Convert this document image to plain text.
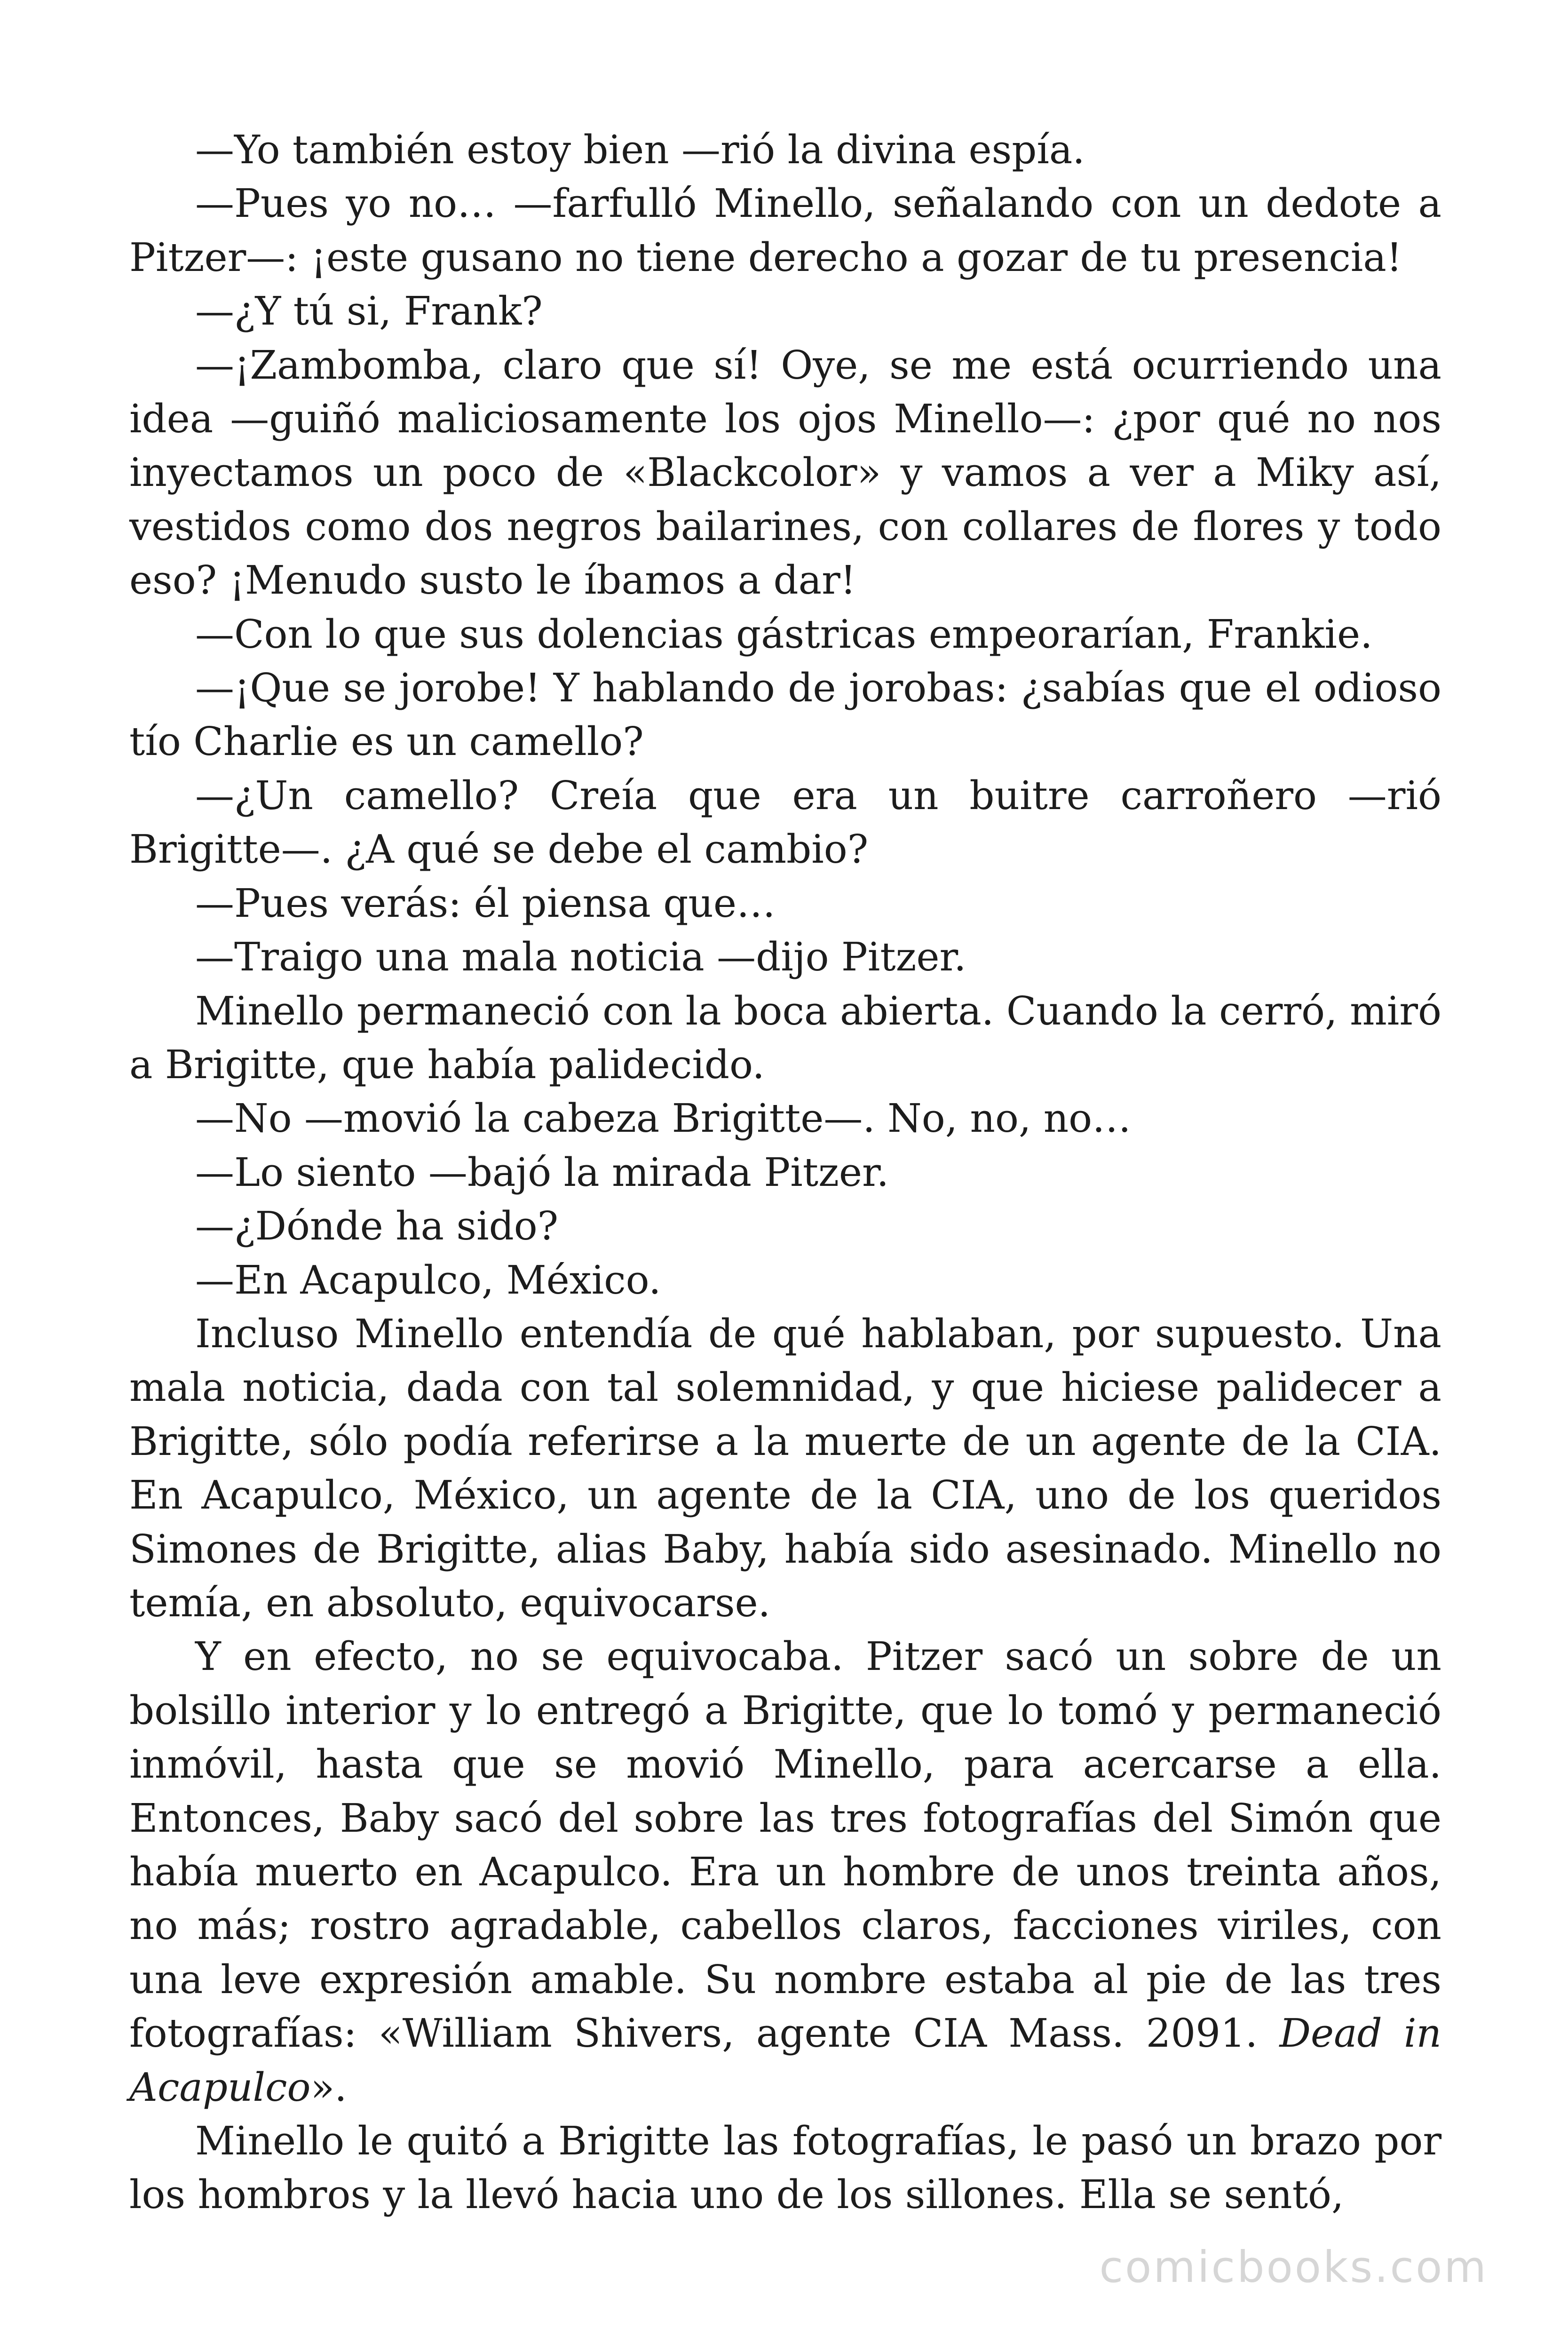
—Yo también estoy bien —rió la divina espía.

—Pues yo no… —farfulló Minello, señalando con un dedote a Pitzer—: ¡este gusano no tiene derecho a gozar de tu presencia!

—¿Y tú si, Frank?

—¡Zambomba, claro que sí! Oye, se me está ocurriendo una idea —guiñó maliciosamente los ojos Minello—: ¿por qué no nos inyectamos un poco de «Blackcolor» y vamos a ver a Miky así, vestidos como dos negros bailarines, con collares de flores y todo eso? ¡Menudo susto le íbamos a dar!

—Con lo que sus dolencias gástricas empeorarían, Frankie.

—¡Que se jorobe! Y hablando de jorobas: ¿sabías que el odioso tío Charlie es un camello?

—¿Un camello? Creía que era un buitre carroñero —rió Brigitte—. ¿A qué se debe el cambio?

—Pues verás: él piensa que…

—Traigo una mala noticia —dijo Pitzer.

Minello permaneció con la boca abierta. Cuando la cerró, miró a Brigitte, que había palidecido.

—No —movió la cabeza Brigitte—. No, no, no…

—Lo siento —bajó la mirada Pitzer.

—¿Dónde ha sido?

—En Acapulco, México.

Incluso Minello entendía de qué hablaban, por supuesto. Una mala noticia, dada con tal solemnidad, y que hiciese palidecer a Brigitte, sólo podía referirse a la muerte de un agente de la CIA. En Acapulco, México, un agente de la CIA, uno de los queridos Simones de Brigitte, alias Baby, había sido asesinado. Minello no temía, en absoluto, equivocarse.

Y en efecto, no se equivocaba. Pitzer sacó un sobre de un bolsillo interior y lo entregó a Brigitte, que lo tomó y permaneció inmóvil, hasta que se movió Minello, para acercarse a ella. Entonces, Baby sacó del sobre las tres fotografías del Simón que había muerto en Acapulco. Era un hombre de unos treinta años, no más; rostro agradable, cabellos claros, facciones viriles, con una leve expresión amable. Su nombre estaba al pie de las tres fotografías: «William Shivers, agente CIA Mass. 2091. Dead in Acapulco».

Minello le quitó a Brigitte las fotografías, le pasó un brazo por los hombros y la llevó hacia uno de los sillones. Ella se sentó,

comicbooks.com
